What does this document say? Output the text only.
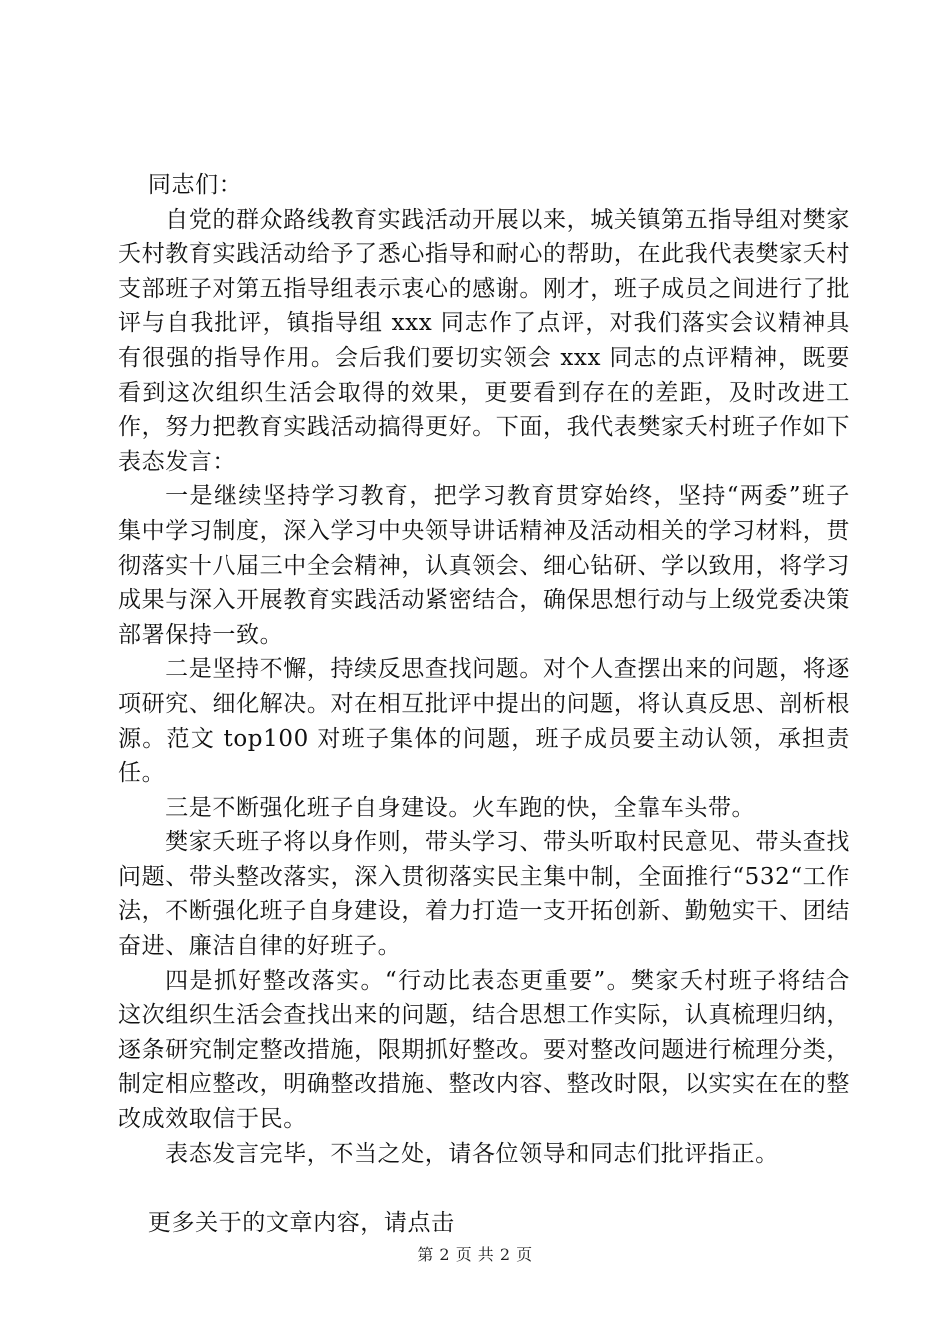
同志们：

自党的群众路线教育实践活动开展以来，城关镇第五指导组对樊家夭村教育实践活动给予了悉心指导和耐心的帮助，在此我代表樊家夭村支部班子对第五指导组表示衷心的感谢。刚才，班子成员之间进行了批评与自我批评，镇指导组 xxx 同志作了点评，对我们落实会议精神具有很强的指导作用。会后我们要切实领会 xxx 同志的点评精神，既要看到这次组织生活会取得的效果，更要看到存在的差距，及时改进工作，努力把教育实践活动搞得更好。下面，我代表樊家夭村班子作如下表态发言：

一是继续坚持学习教育，把学习教育贯穿始终，坚持“两委”班子集中学习制度，深入学习中央领导讲话精神及活动相关的学习材料，贯彻落实十八届三中全会精神，认真领会、细心钻研、学以致用，将学习成果与深入开展教育实践活动紧密结合，确保思想行动与上级党委决策部署保持一致。

二是坚持不懈，持续反思查找问题。对个人查摆出来的问题，将逐项研究、细化解决。对在相互批评中提出的问题，将认真反思、剖析根源。范文 top100 对班子集体的问题，班子成员要主动认领，承担责任。

三是不断强化班子自身建设。火车跑的快，全靠车头带。

樊家夭班子将以身作则，带头学习、带头听取村民意见、带头查找问题、带头整改落实，深入贯彻落实民主集中制，全面推行“532“工作法，不断强化班子自身建设，着力打造一支开拓创新、勤勉实干、团结奋进、廉洁自律的好班子。

四是抓好整改落实。“行动比表态更重要”。樊家夭村班子将结合这次组织生活会查找出来的问题，结合思想工作实际，认真梳理归纳，逐条研究制定整改措施，限期抓好整改。要对整改问题进行梳理分类，制定相应整改，明确整改措施、整改内容、整改时限，以实实在在的整改成效取信于民。

表态发言完毕，不当之处，请各位领导和同志们批评指正。

更多关于的文章内容，请点击

第 2 页 共 2 页
